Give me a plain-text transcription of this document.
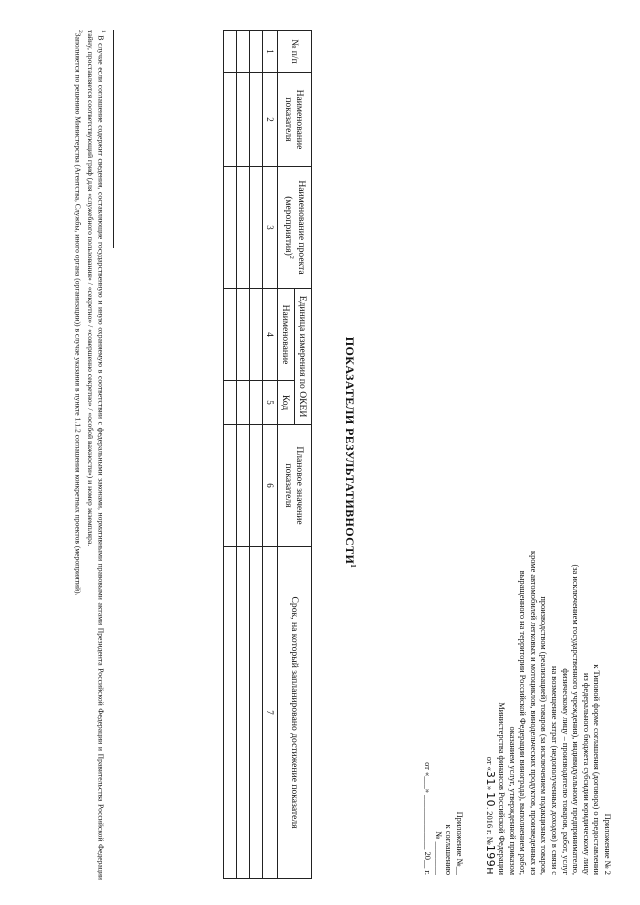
Приложение № 2
к Типовой форме соглашения (договора) о предоставлении
из федерального бюджета субсидии юридическому лицу
(за исключением государственного учреждения), индивидуальному предпринимателю,
физическому лицу – производителю товаров, работ, услуг
на возмещение затрат (недополученных доходов) в связи с
производством (реализацией) товаров (за исключением подакцизных товаров,
кроме автомобилей легковых и мотоциклов, винодельческих продуктов, произведенных из
выращенного на территории Российской Федерации винограда), выполнением работ,
оказанием услуг, утвержденной приказом
Министерства финансов Российской Федерации
от «31» 10. 2016 г. №199н
Приложение №__
к соглашению
№ ________
от «___» _____________ 20__ г.
ПОКАЗАТЕЛИ РЕЗУЛЬТАТИВНОСТИ$^1$
№ п/п	Наименование показателя	Наименование проекта (мероприятия)$^2$	Единица измерения по ОКЕИ		Плановое значение показателя	Срок, на который запланировано достижение показателя
			Наименование	Код		
1	2	3	4	5	6	7

$^1$ В случае если соглашение содержит сведения, составляющие государственную и иную охраняемую в соответствии с федеральными законами, нормативными правовыми актами Президента Российской Федерации и Правительства Российской Федерации тайну, проставляется соответствующий гриф (для «служебного пользования» / «секретно» / «совершенно секретно» / «особой важности») и номер экземпляра.

$^2$Заполняется по решению Министерства (Агентства, Службы, иного органа (организации)) в случае указания в пункте 1.1.2 соглашения конкретных проектов (мероприятий).
